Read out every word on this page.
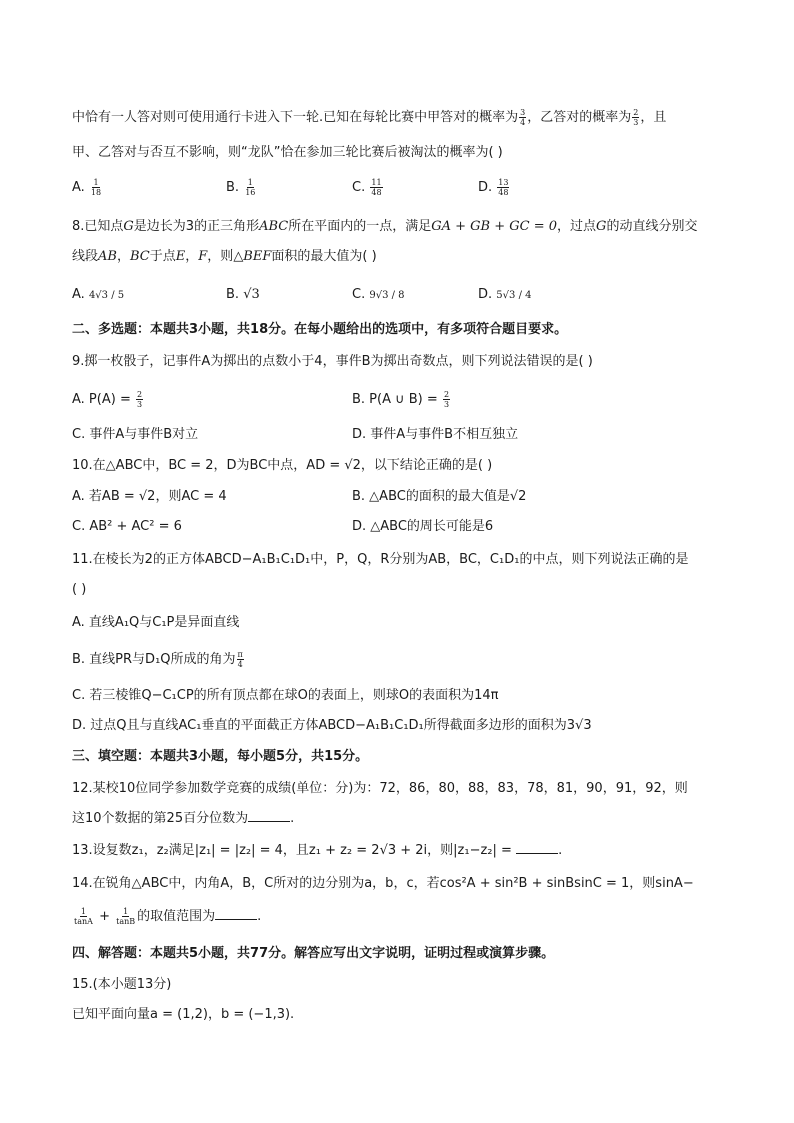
中恰有一人答对则可使用通行卡进入下一轮.已知在每轮比赛中甲答对的概率为 $\frac{3}{4}$ ，乙答对的概率为 $\frac{2}{3}$ ，且
甲、乙答对与否互不影响，则“龙队”恰在参加三轮比赛后被淘汰的概率为( )
A. $\frac{1}{18}$	B. $\frac{1}{16}$	C. $\frac{11}{48}$	D. $\frac{13}{48}$
8.已知点G是边长为3的正三角形ABC所在平面内的一点，满足GA + GB + GC = 0，过点G的动直线分别交
线段AB，BC于点E，F，则△BEF面积的最大值为( )
A. 4√3 / 5	B. √3	C. 9√3 / 8	D. 5√3 / 4
二、多选题：本题共3小题，共18分。在每小题给出的选项中，有多项符合题目要求。
9.掷一枚骰子，记事件A为掷出的点数小于4，事件B为掷出奇数点，则下列说法错误的是( )
A. $P(A) = \frac{2}{3}$	B. P(A ∪ $B) = \frac{2}{3}$
C. 事件A与事件B对立	D. 事件A与事件B不相互独立
10.在△ABC中，BC = 2，D为BC中点，AD = √2，以下结论正确的是( )
A. 若AB = √2，则AC = 4	B. △ABC的面积的最大值是√2
C. AB² + AC² = 6	D. △ABC的周长可能是6
11.在棱长为2的正方体ABCD−A₁B₁C₁D₁中，P，Q，R分别为AB，BC，C₁D₁的中点，则下列说法正确的是
( )
A. 直线A₁Q与C₁P是异面直线
B. 直线PR与D₁Q所成的角为 $\frac{\pi}{4}$
C. 若三棱锥Q−C₁CP的所有顶点都在球O的表面上，则球O的表面积为14π
D. 过点Q且与直线AC₁垂直的平面截正方体ABCD−A₁B₁C₁D₁所得截面多边形的面积为3√3
三、填空题：本题共3小题，每小题5分，共15分。
12.某校10位同学参加数学竞赛的成绩(单位：分)为：72，86，80，88，83，78，81，90，91，92，则
这10个数据的第25百分位数为	.
13.设复数z₁，z₂满足|z₁| = |z₂| = 4，且z₁ + z₂ = 2√3 + 2i，则|z₁−z₂| =	.
14.在锐角△ABC中，内角A，B，C所对的边分别为a，b，c，若cos²A + sin²B + sinBsinC = 1，则sinA−
$\frac{1}{\tan A} + \frac{1}{\tan B}$ 的取值范围为	.
四、解答题：本题共5小题，共77分。解答应写出文字说明，证明过程或演算步骤。
15.(本小题13分)
已知平面向量a = (1,2)，b = (−1,3).
